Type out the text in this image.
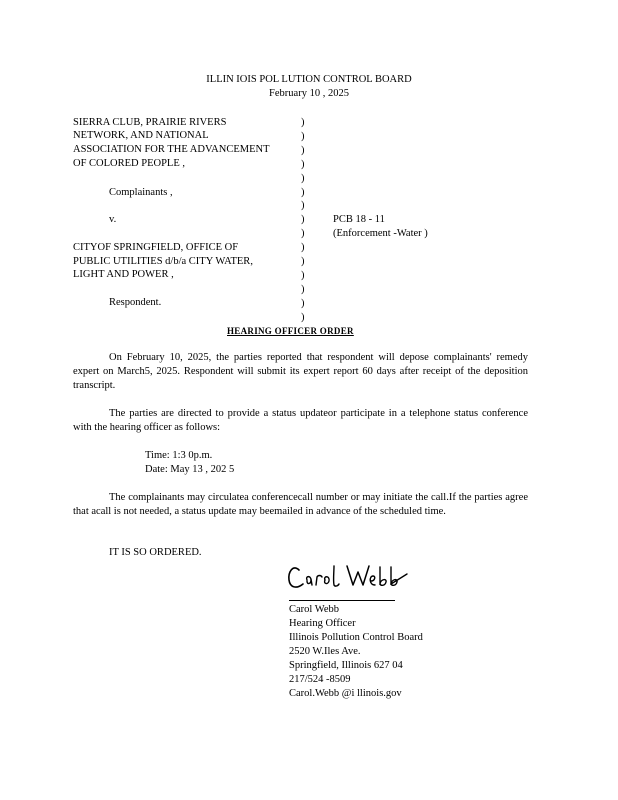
ILLIN IOIS POL LUTION CONTROL BOARD
February 10 , 2025
SIERRA CLUB, PRAIRIE RIVERS
NETWORK, AND NATIONAL
ASSOCIATION FOR THE ADVANCEMENT
OF COLORED PEOPLE ,
Complainants ,
v.
CITYOF SPRINGFIELD, OFFICE OF
PUBLIC UTILITIES d/b/a CITY WATER,
LIGHT AND POWER ,
Respondent.
)
)
)
)
)
)
)
)
)
)
)
)
)
)
)
PCB 18 - 11
(Enforcement -Water )
HEARING OFFICER ORDER
On February 10, 2025, the parties reported that respondent will depose complainants' remedy expert on March5, 2025. Respondent will submit its expert report 60 days after receipt of the deposition transcript.
The parties are directed to provide a status updateor participate in a telephone status conference with the hearing officer as follows:
Time: 1:3 0p.m.
Date: May 13 , 202 5
The complainants may circulatea conferencecall number or may initiate the call.If the parties agree that acall is not needed, a status update may beemailed in advance of the scheduled time.
IT IS SO ORDERED.
Carol Webb
Hearing Officer
Illinois Pollution Control Board
2520 W.Iles Ave.
Springfield, Illinois 627 04
217/524 -8509
Carol.Webb @i llinois.gov
